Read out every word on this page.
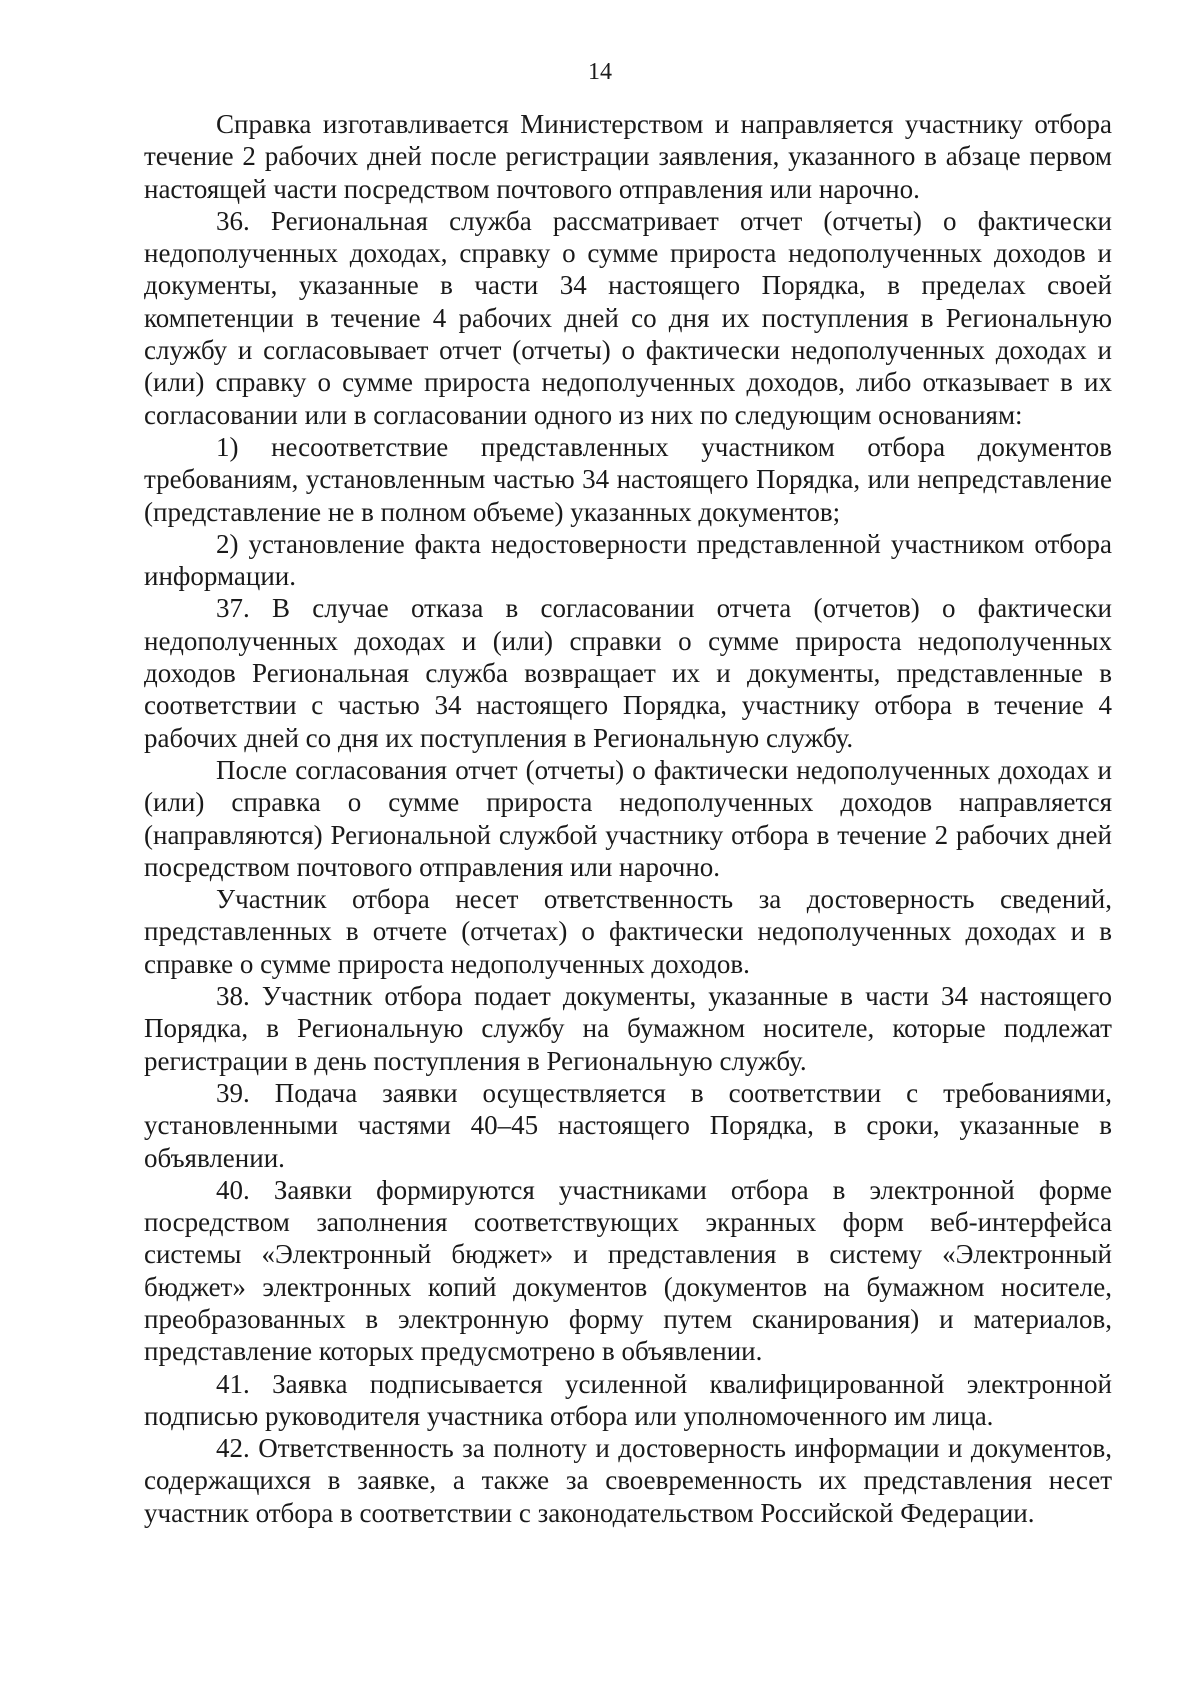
14

Справка изготавливается Министерством и направляется участнику отбора течение 2 рабочих дней после регистрации заявления, указанного в абзаце первом настоящей части посредством почтового отправления или нарочно.

36. Региональная служба рассматривает отчет (отчеты) о фактически недополученных доходах, справку о сумме прироста недополученных доходов и документы, указанные в части 34 настоящего Порядка, в пределах своей компетенции в течение 4 рабочих дней со дня их поступления в Региональную службу и согласовывает отчет (отчеты) о фактически недополученных доходах и (или) справку о сумме прироста недополученных доходов, либо отказывает в их согласовании или в согласовании одного из них по следующим основаниям:

1) несоответствие представленных участником отбора документов требованиям, установленным частью 34 настоящего Порядка, или непредставление (представление не в полном объеме) указанных документов;

2) установление факта недостоверности представленной участником отбора информации.

37. В случае отказа в согласовании отчета (отчетов) о фактически недополученных доходах и (или) справки о сумме прироста недополученных доходов Региональная служба возвращает их и документы, представленные в соответствии с частью 34 настоящего Порядка, участнику отбора в течение 4 рабочих дней со дня их поступления в Региональную службу.

После согласования отчет (отчеты) о фактически недополученных доходах и (или) справка о сумме прироста недополученных доходов направляется (направляются) Региональной службой участнику отбора в течение 2 рабочих дней посредством почтового отправления или нарочно.

Участник отбора несет ответственность за достоверность сведений, представленных в отчете (отчетах) о фактически недополученных доходах и в справке о сумме прироста недополученных доходов.

38. Участник отбора подает документы, указанные в части 34 настоящего Порядка, в Региональную службу на бумажном носителе, которые подлежат регистрации в день поступления в Региональную службу.

39. Подача заявки осуществляется в соответствии с требованиями, установленными частями 40–45 настоящего Порядка, в сроки, указанные в объявлении.

40. Заявки формируются участниками отбора в электронной форме посредством заполнения соответствующих экранных форм веб-интерфейса системы «Электронный бюджет» и представления в систему «Электронный бюджет» электронных копий документов (документов на бумажном носителе, преобразованных в электронную форму путем сканирования) и материалов, представление которых предусмотрено в объявлении.

41. Заявка подписывается усиленной квалифицированной электронной подписью руководителя участника отбора или уполномоченного им лица.

42. Ответственность за полноту и достоверность информации и документов, содержащихся в заявке, а также за своевременность их представления несет участник отбора в соответствии с законодательством Российской Федерации.
